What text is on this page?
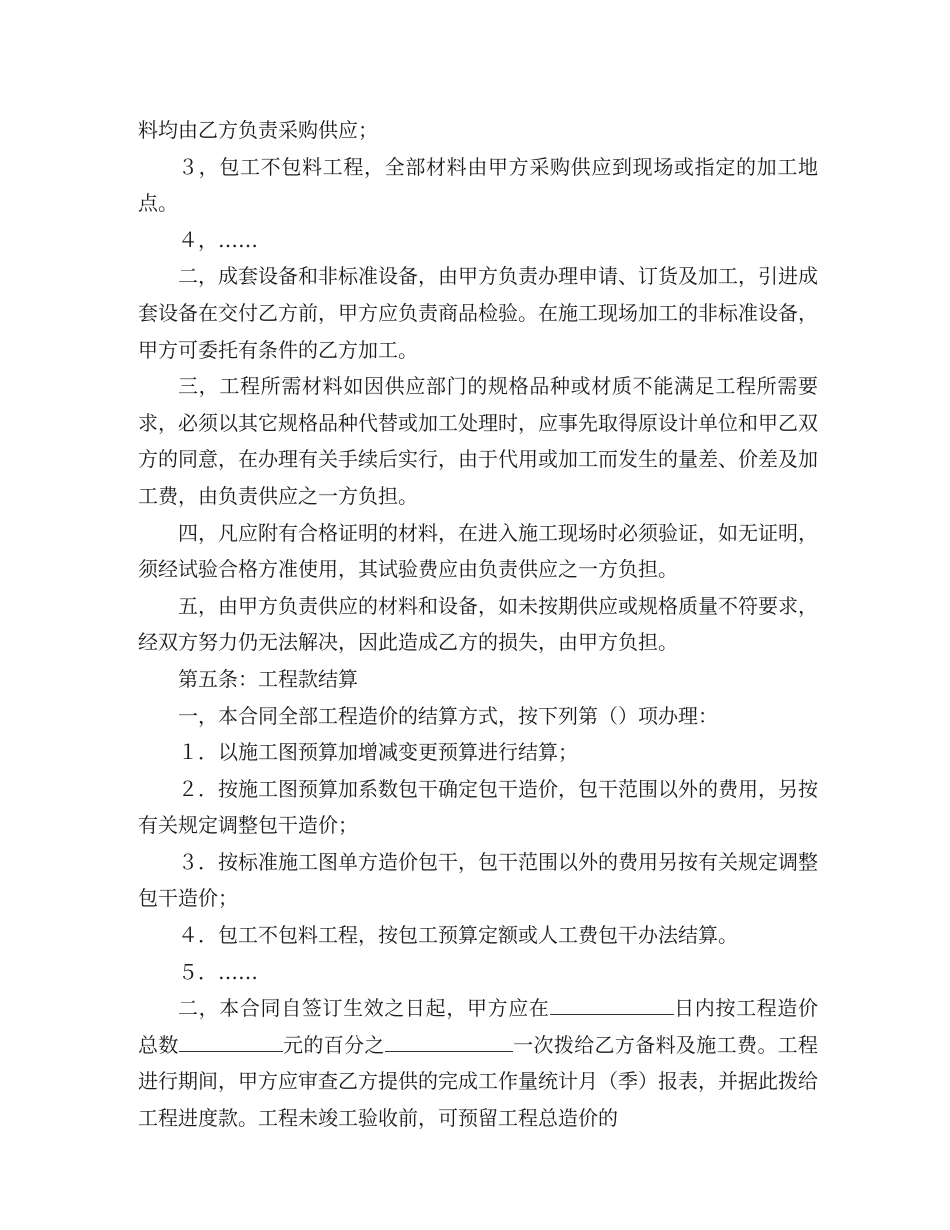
料均由乙方负责采购供应；

３，包工不包料工程，全部材料由甲方采购供应到现场或指定的加工地点。

４，……

二，成套设备和非标准设备，由甲方负责办理申请、订货及加工，引进成套设备在交付乙方前，甲方应负责商品检验。在施工现场加工的非标准设备，甲方可委托有条件的乙方加工。

三，工程所需材料如因供应部门的规格品种或材质不能满足工程所需要求，必须以其它规格品种代替或加工处理时，应事先取得原设计单位和甲乙双方的同意，在办理有关手续后实行，由于代用或加工而发生的量差、价差及加工费，由负责供应之一方负担。

四，凡应附有合格证明的材料，在进入施工现场时必须验证，如无证明，须经试验合格方准使用，其试验费应由负责供应之一方负担。

五，由甲方负责供应的材料和设备，如未按期供应或规格质量不符要求，经双方努力仍无法解决，因此造成乙方的损失，由甲方负担。

第五条：工程款结算

一，本合同全部工程造价的结算方式，按下列第（）项办理：

１．以施工图预算加增减变更预算进行结算；

２．按施工图预算加系数包干确定包干造价，包干范围以外的费用，另按有关规定调整包干造价；

３．按标准施工图单方造价包干，包干范围以外的费用另按有关规定调整包干造价；

４．包工不包料工程，按包工预算定额或人工费包干办法结算。

５．……

二，本合同自签订生效之日起，甲方应在	日内按工程造价总数	元的百分之	一次拨给乙方备料及施工费。工程进行期间，甲方应审查乙方提供的完成工作量统计月（季）报表，并据此拨给工程进度款。工程未竣工验收前，可预留工程总造价的
